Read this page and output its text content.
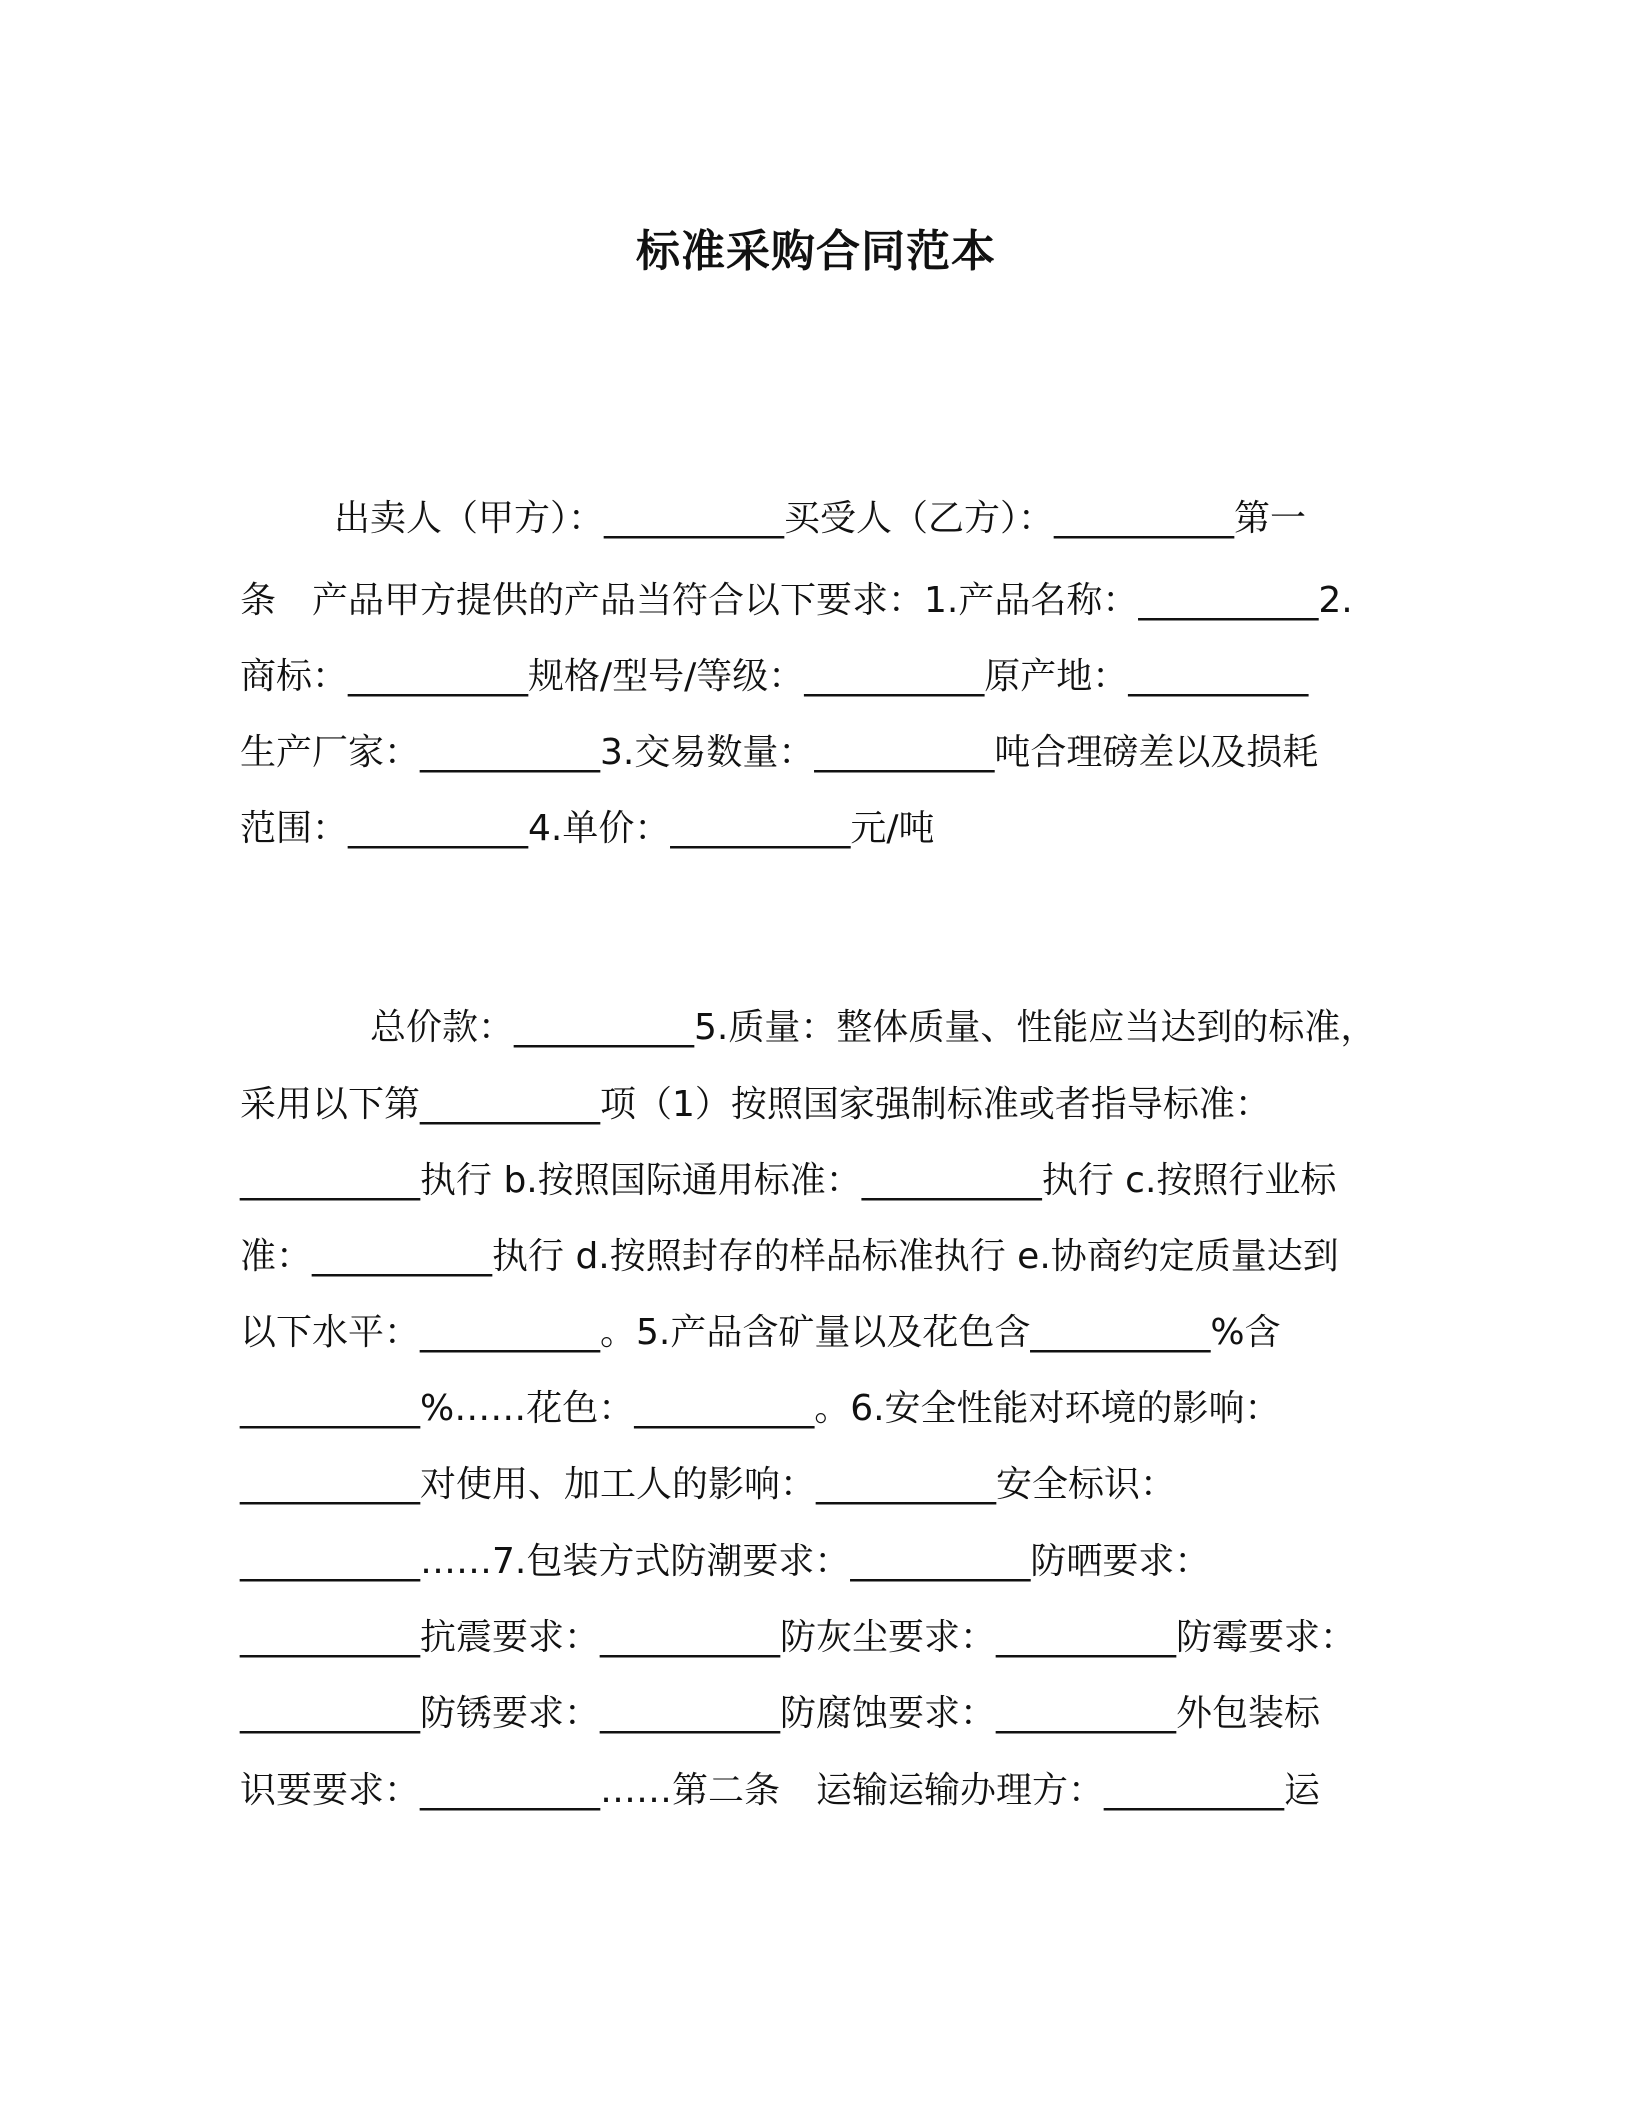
标准采购合同范本
出卖人（甲方）：__________买受人（乙方）：__________第一
条　产品甲方提供的产品当符合以下要求：1.产品名称：__________2.
商标：__________规格/型号/等级：__________原产地：__________
生产厂家：__________3.交易数量：__________吨合理磅差以及损耗
范围：__________4.单价：__________元/吨
总价款：__________5.质量：整体质量、性能应当达到的标准，
采用以下第__________项（1）按照国家强制标准或者指导标准：
__________执行 b.按照国际通用标准：__________执行 c.按照行业标
准：__________执行 d.按照封存的样品标准执行 e.协商约定质量达到
以下水平：__________。5.产品含矿量以及花色含__________%含
__________%……花色：__________。6.安全性能对环境的影响：
__________对使用、加工人的影响：__________安全标识：
__________……7.包装方式防潮要求：__________防晒要求：
__________抗震要求：__________防灰尘要求：__________防霉要求：
__________防锈要求：__________防腐蚀要求：__________外包装标
识要要求：__________……第二条　运输运输办理方：__________运
